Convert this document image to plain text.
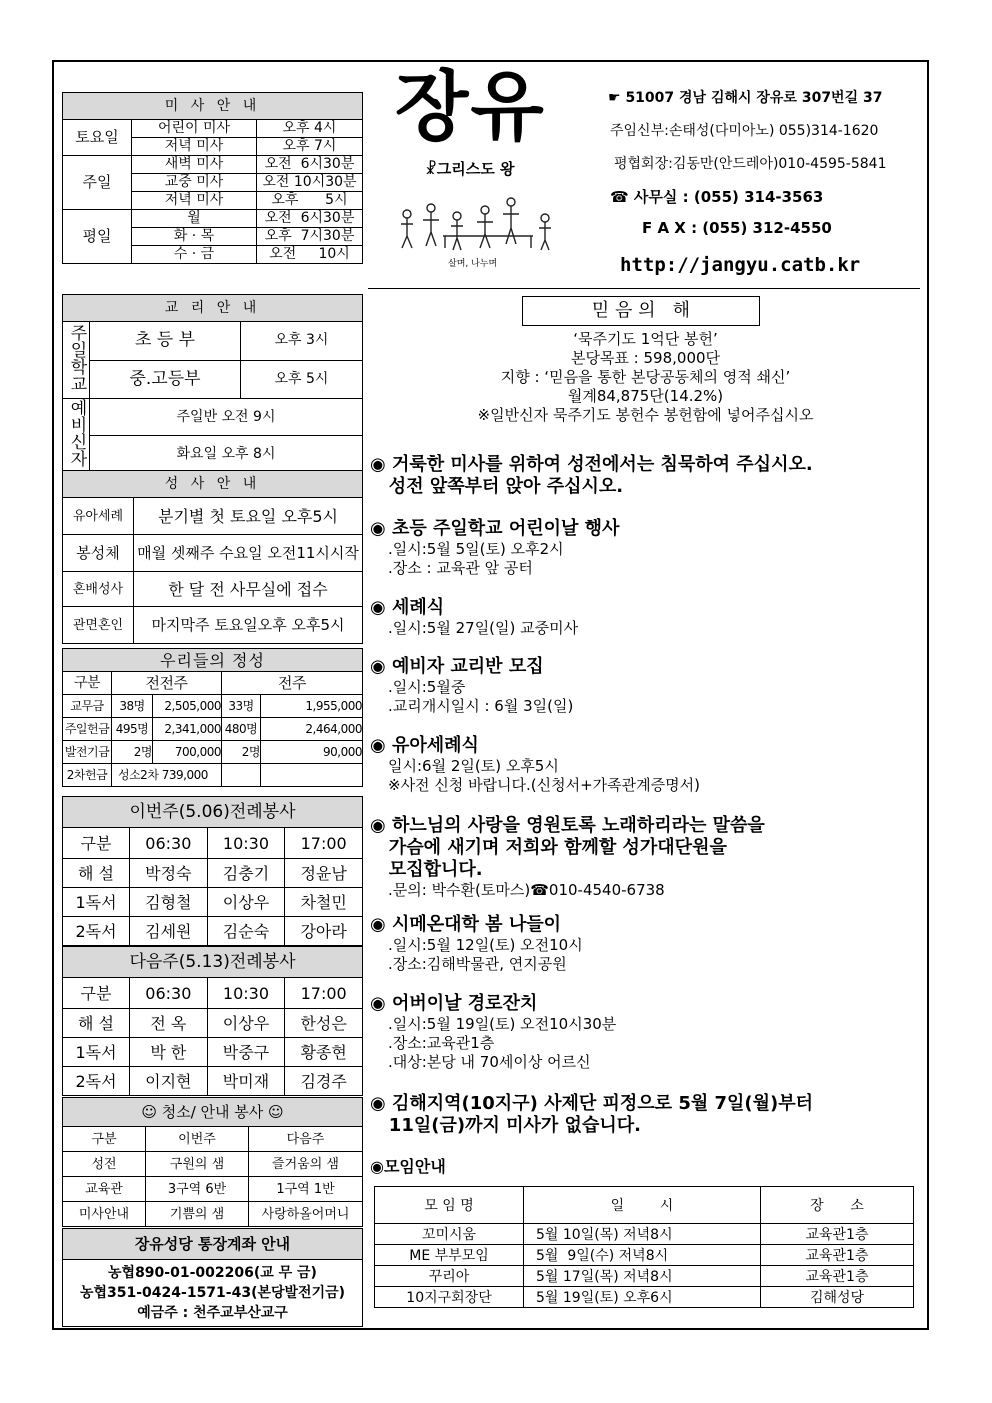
미 사 안 내		
토요일	어린이 미사	오후 4시
	저녁 미사	오후 7시
주일	새벽 미사	오전  6시30분
	교중 미사	오전 10시30분
	저녁 미사	오후      5시
평일	월	오전  6시30분
	화 · 목	오후  7시30분
	수 · 금	오전     10시
교 리 안 내		
주일학교	초 등 부	오후 3시
	중.고등부	오후 5시
예비신자	주일반 오전 9시	
	화요일 오후 8시	
성 사 안 내	
유아세례	분기별 첫 토요일 오후5시
봉성체	매월 셋째주 수요일 오전11시시작
혼배성사	한 달 전 사무실에 접수
관면혼인	마지막주 토요일오후 오후5시
우리들의 정성				
구분	전전주		전주	
교무금	38명	2,505,000	33명	1,955,000
주일헌금	495명	2,341,000	480명	2,464,000
발전기금	2명	700,000	2명	90,000
2차헌금	성소2차 739,000			
이번주(5.06)전례봉사			
구분	06:30	10:30	17:00
해 설	박정숙	김충기	정윤남
1독서	김형철	이상우	차철민
2독서	김세원	김순숙	강아라
다음주(5.13)전례봉사			
구분	06:30	10:30	17:00
해 설	전 옥	이상우	한성은
1독서	박 한	박중구	황종현
2독서	이지현	박미재	김경주
☺ 청소/ 안내 봉사 ☺		
구분	이번주	다음주
성전	구원의 샘	즐거움의 샘
교육관	3구역 6반	1구역 1반
미사안내	기쁨의 샘	사랑하올어머니
장유성당 통장계좌 안내

농협890-01-002206(교 무 금)
농협351-0424-1571-43(본당발전기금)
예금주 : 천주교부산교구
장유
☧그리스도 왕
살며, 나누며
☛ 51007 경남 김해시 장유로 307번길 37
주임신부:손태성(다미아노) 055)314-1620
평협회장:김동만(안드레아)010-4595-5841
☎ 사무실 : (055) 314-3563
F A X : (055) 312-4550
http://jangyu.catb.kr
믿 음 의   해
‘묵주기도 1억단 봉헌’
본당목표 : 598,000단
지향 : ‘믿음을 통한 본당공동체의 영적 쇄신’
월계84,875단(14.2%)
※일반신자 묵주기도 봉헌수 봉헌함에 넣어주십시오
◉ 거룩한 미사를 위하여 성전에서는 침묵하여 주십시오.
성전 앞쪽부터 앉아 주십시오.
◉ 초등 주일학교 어린이날 행사
.일시:5월 5일(토) 오후2시
.장소 : 교육관 앞 공터
◉ 세례식
.일시:5월 27일(일) 교중미사
◉ 예비자 교리반 모집
.일시:5월중
.교리개시일시 : 6월 3일(일)
◉ 유아세례식
일시:6월 2일(토) 오후5시
※사전 신청 바랍니다.(신청서+가족관계증명서)
◉ 하느님의 사랑을 영원토록 노래하리라는 말씀을
가슴에 새기며 저희와 함께할 성가대단원을
모집합니다.
.문의: 박수환(토마스)☎010-4540-6738
◉ 시메온대학 봄 나들이
.일시:5월 12일(토) 오전10시
.장소:김해박물관, 연지공원
◉ 어버이날 경로잔치
.일시:5월 19일(토) 오전10시30분
.장소:교육관1층
.대상:본당 내 70세이상 어르신
◉ 김해지역(10지구) 사제단 피정으로 5월 7일(월)부터
11일(금)까지 미사가 없습니다.
◉모임안내
모 임 명	일        시	장      소
꼬미시움	5월 10일(목) 저녁8시	교육관1층
ME 부부모임	5월  9일(수) 저녁8시	교육관1층
꾸리아	5월 17일(목) 저녁8시	교육관1층
10지구회장단	5월 19일(토) 오후6시	김해성당
